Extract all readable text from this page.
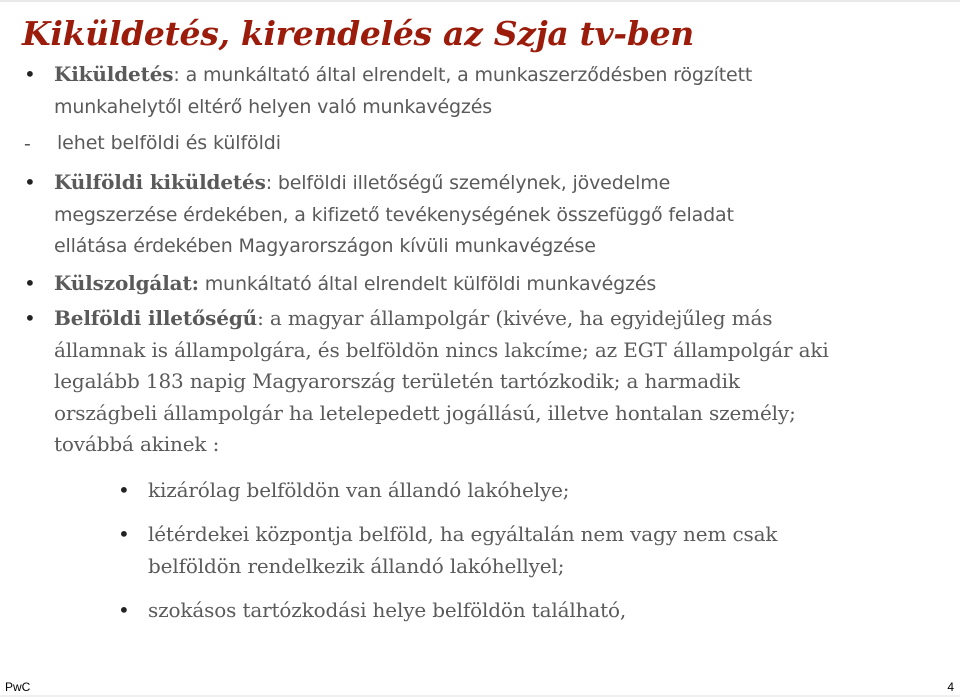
Kiküldetés, kirendelés az Szja tv-ben
• Kiküldetés: a munkáltató által elrendelt, a munkaszerződésben rögzített
munkahelytől eltérő helyen való munkavégzés

- lehet belföldi és külföldi

• Külföldi kiküldetés: belföldi illetőségű személynek, jövedelme
megszerzése érdekében, a kifizető tevékenységének összefüggő feladat
ellátása érdekében Magyarországon kívüli munkavégzése

• Külszolgálat: munkáltató által elrendelt külföldi munkavégzés

• Belföldi illetőségű: a magyar állampolgár (kivéve, ha egyidejűleg más
államnak is állampolgára, és belföldön nincs lakcíme; az EGT állampolgár aki
legalább 183 napig Magyarország területén tartózkodik; a harmadik
országbeli állampolgár ha letelepedett jogállású, illetve hontalan személy;
továbbá akinek :

• kizárólag belföldön van állandó lakóhelye;

• létérdekei központja belföld, ha egyáltalán nem vagy nem csak
belföldön rendelkezik állandó lakóhellyel;

• szokásos tartózkodási helye belföldön található,

PwC	4
